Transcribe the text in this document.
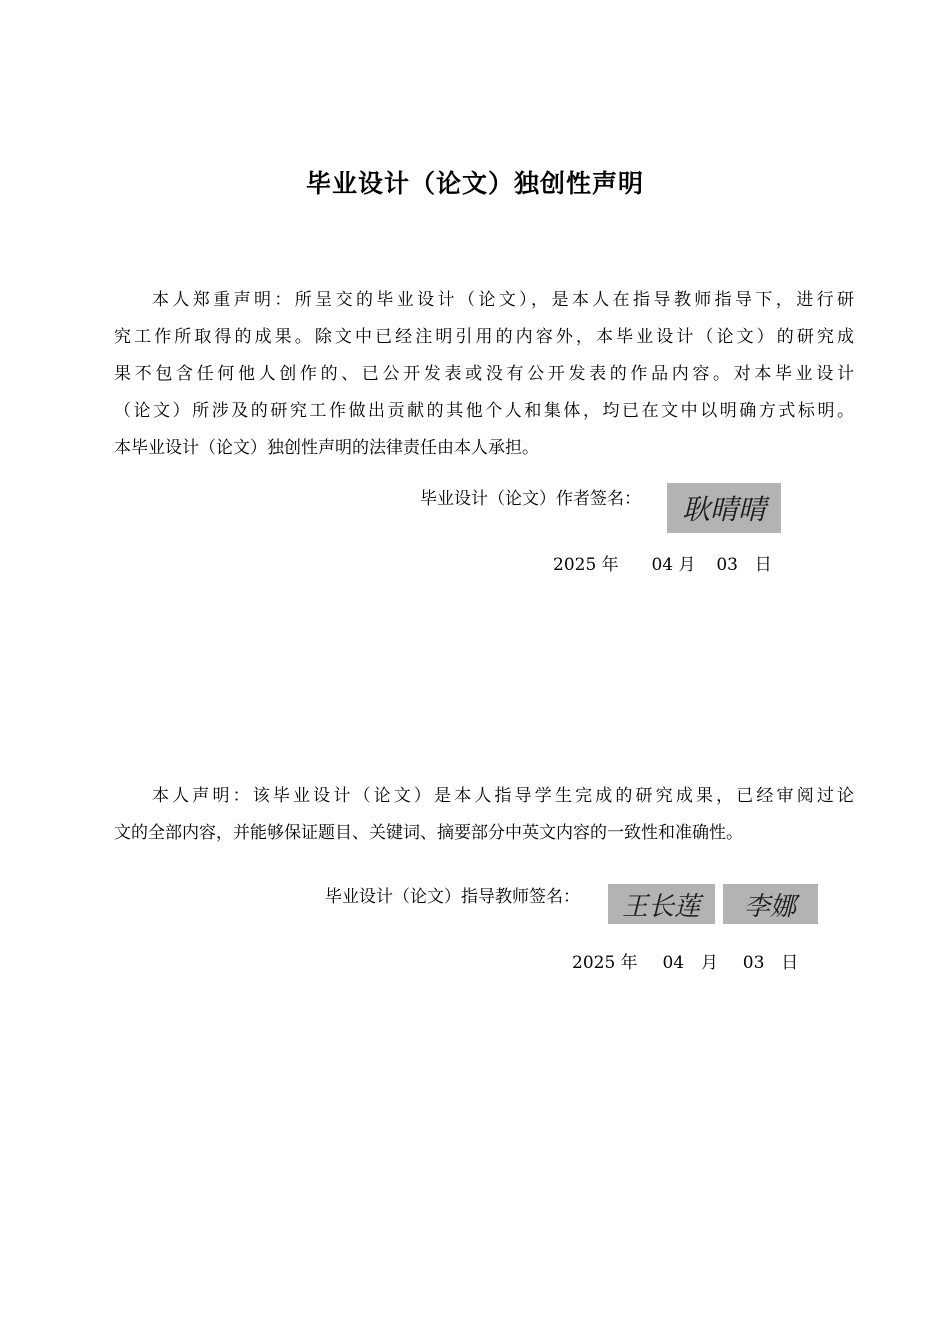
毕业设计（论文）独创性声明
本人郑重声明：所呈交的毕业设计（论文），是本人在指导教师指导下，进行研
究工作所取得的成果。除文中已经注明引用的内容外，本毕业设计（论文）的研究成
果不包含任何他人创作的、已公开发表或没有公开发表的作品内容。对本毕业设计
（论文）所涉及的研究工作做出贡献的其他个人和集体，均已在文中以明确方式标明。
本毕业设计（论文）独创性声明的法律责任由本人承担。
毕业设计（论文）作者签名： 耿晴晴
2025 年 04 月 03 日
本人声明：该毕业设计（论文）是本人指导学生完成的研究成果，已经审阅过论
文的全部内容，并能够保证题目、关键词、摘要部分中英文内容的一致性和准确性。
毕业设计（论文）指导教师签名： 王长莲 李娜
2025 年 04 月 03 日
